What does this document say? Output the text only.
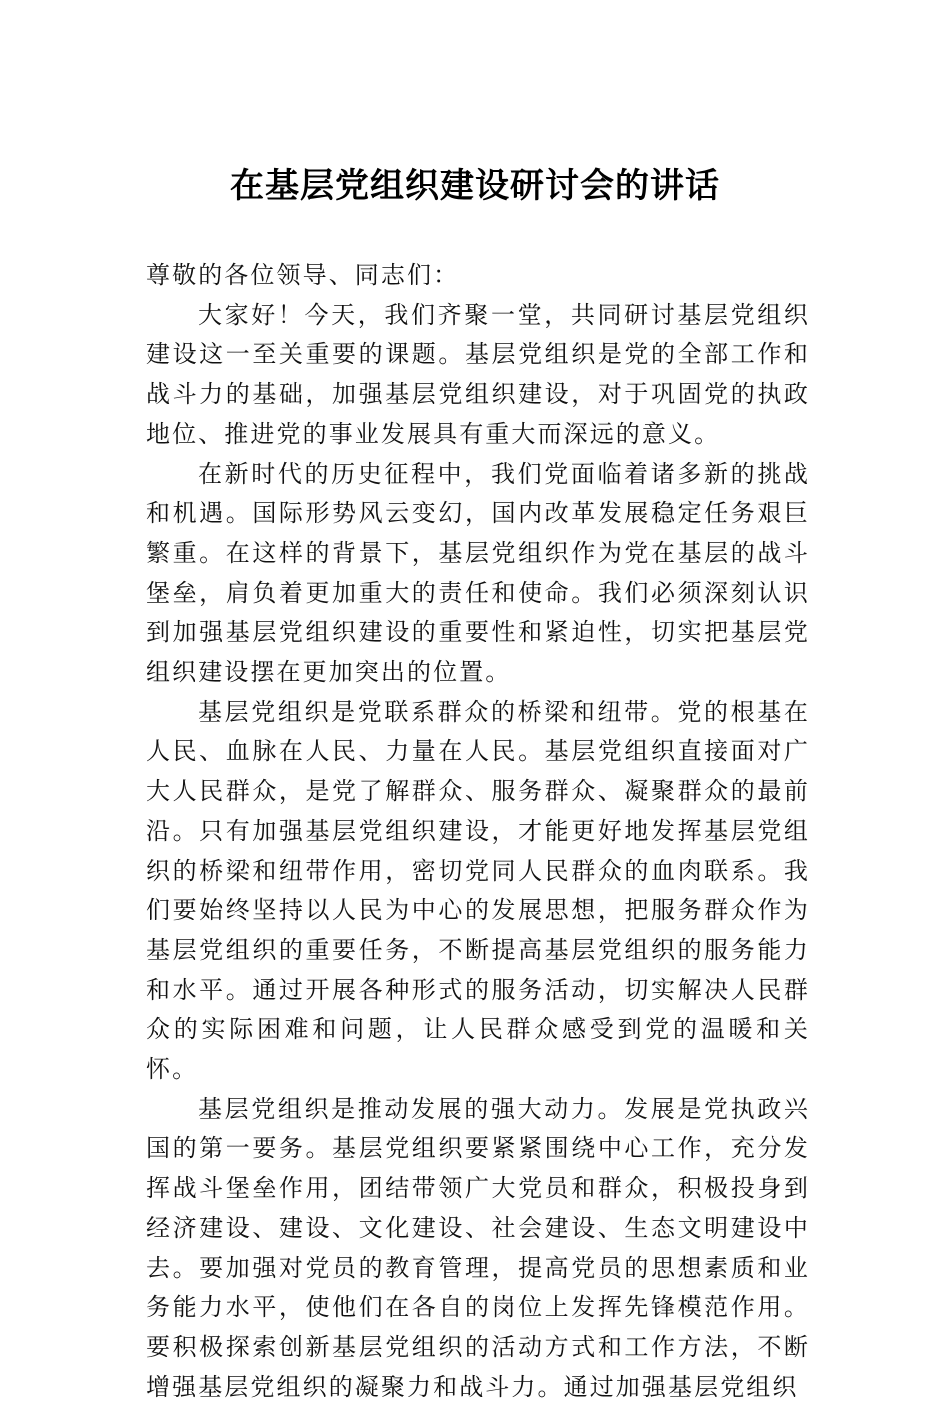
在基层党组织建设研讨会的讲话

尊敬的各位领导、同志们：

大家好！今天，我们齐聚一堂，共同研讨基层党组织建设这一至关重要的课题。基层党组织是党的全部工作和战斗力的基础，加强基层党组织建设，对于巩固党的执政地位、推进党的事业发展具有重大而深远的意义。

在新时代的历史征程中，我们党面临着诸多新的挑战和机遇。国际形势风云变幻，国内改革发展稳定任务艰巨繁重。在这样的背景下，基层党组织作为党在基层的战斗堡垒，肩负着更加重大的责任和使命。我们必须深刻认识到加强基层党组织建设的重要性和紧迫性，切实把基层党组织建设摆在更加突出的位置。

基层党组织是党联系群众的桥梁和纽带。党的根基在人民、血脉在人民、力量在人民。基层党组织直接面对广大人民群众，是党了解群众、服务群众、凝聚群众的最前沿。只有加强基层党组织建设，才能更好地发挥基层党组织的桥梁和纽带作用，密切党同人民群众的血肉联系。我们要始终坚持以人民为中心的发展思想，把服务群众作为基层党组织的重要任务，不断提高基层党组织的服务能力和水平。通过开展各种形式的服务活动，切实解决人民群众的实际困难和问题，让人民群众感受到党的温暖和关怀。

基层党组织是推动发展的强大动力。发展是党执政兴国的第一要务。基层党组织要紧紧围绕中心工作，充分发挥战斗堡垒作用，团结带领广大党员和群众，积极投身到经济建设、建设、文化建设、社会建设、生态文明建设中去。要加强对党员的教育管理，提高党员的思想素质和业务能力水平，使他们在各自的岗位上发挥先锋模范作用。要积极探索创新基层党组织的活动方式和工作方法，不断增强基层党组织的凝聚力和战斗力。通过加强基层党组织
